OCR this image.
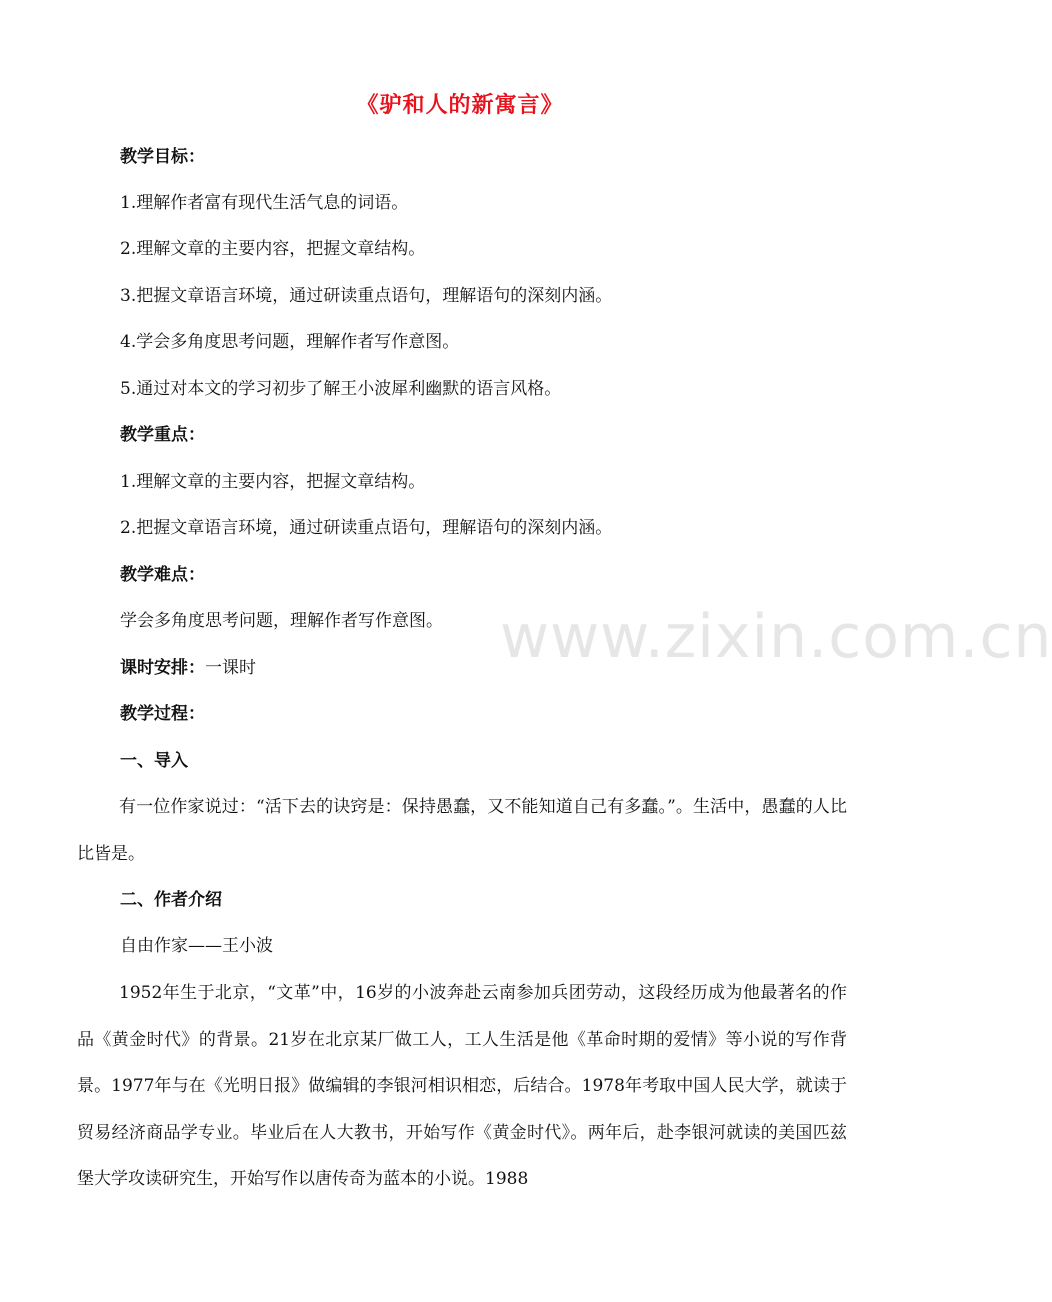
《驴和人的新寓言》
教学目标：
1.理解作者富有现代生活气息的词语。
2.理解文章的主要内容，把握文章结构。
3.把握文章语言环境，通过研读重点语句，理解语句的深刻内涵。
4.学会多角度思考问题，理解作者写作意图。
5.通过对本文的学习初步了解王小波犀利幽默的语言风格。
教学重点：
1.理解文章的主要内容，把握文章结构。
2.把握文章语言环境，通过研读重点语句，理解语句的深刻内涵。
教学难点：
学会多角度思考问题，理解作者写作意图。
课时安排：一课时
教学过程：
一、导入
有一位作家说过：“活下去的诀窍是：保持愚蠢，又不能知道自己有多蠢。”。生活中，愚蠢的人比比皆是。
二、作者介绍
自由作家——王小波
1952年生于北京，“文革”中，16岁的小波奔赴云南参加兵团劳动，这段经历成为他最著名的作品《黄金时代》的背景。21岁在北京某厂做工人，工人生活是他《革命时期的爱情》等小说的写作背景。1977年与在《光明日报》做编辑的李银河相识相恋，后结合。1978年考取中国人民大学，就读于贸易经济商品学专业。毕业后在人大教书，开始写作《黄金时代》。两年后，赴李银河就读的美国匹兹堡大学攻读研究生，开始写作以唐传奇为蓝本的小说。1988
www.zixin.com.cn
